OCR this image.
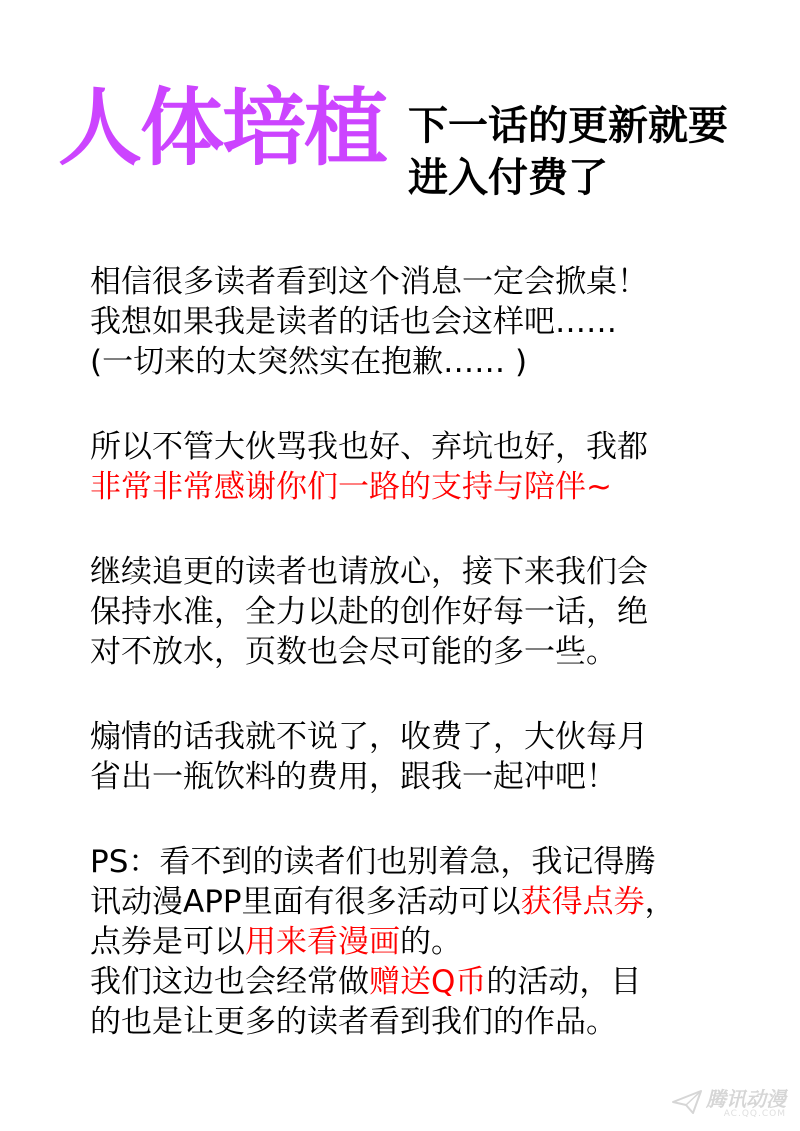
人体培植 下一话的更新就要
进入付费了
相信很多读者看到这个消息一定会掀桌！
我想如果我是读者的话也会这样吧……
(一切来的太突然实在抱歉…… )
所以不管大伙骂我也好、弃坑也好，我都
非常非常感谢你们一路的支持与陪伴~
继续追更的读者也请放心，接下来我们会
保持水准，全力以赴的创作好每一话，绝
对不放水，页数也会尽可能的多一些。
煽情的话我就不说了，收费了，大伙每月
省出一瓶饮料的费用，跟我一起冲吧！
PS：看不到的读者们也别着急，我记得腾
讯动漫APP里面有很多活动可以获得点券，
点券是可以用来看漫画的。
我们这边也会经常做赠送Q币的活动，目
的也是让更多的读者看到我们的作品。
腾讯动漫
AC.QQ.COM
